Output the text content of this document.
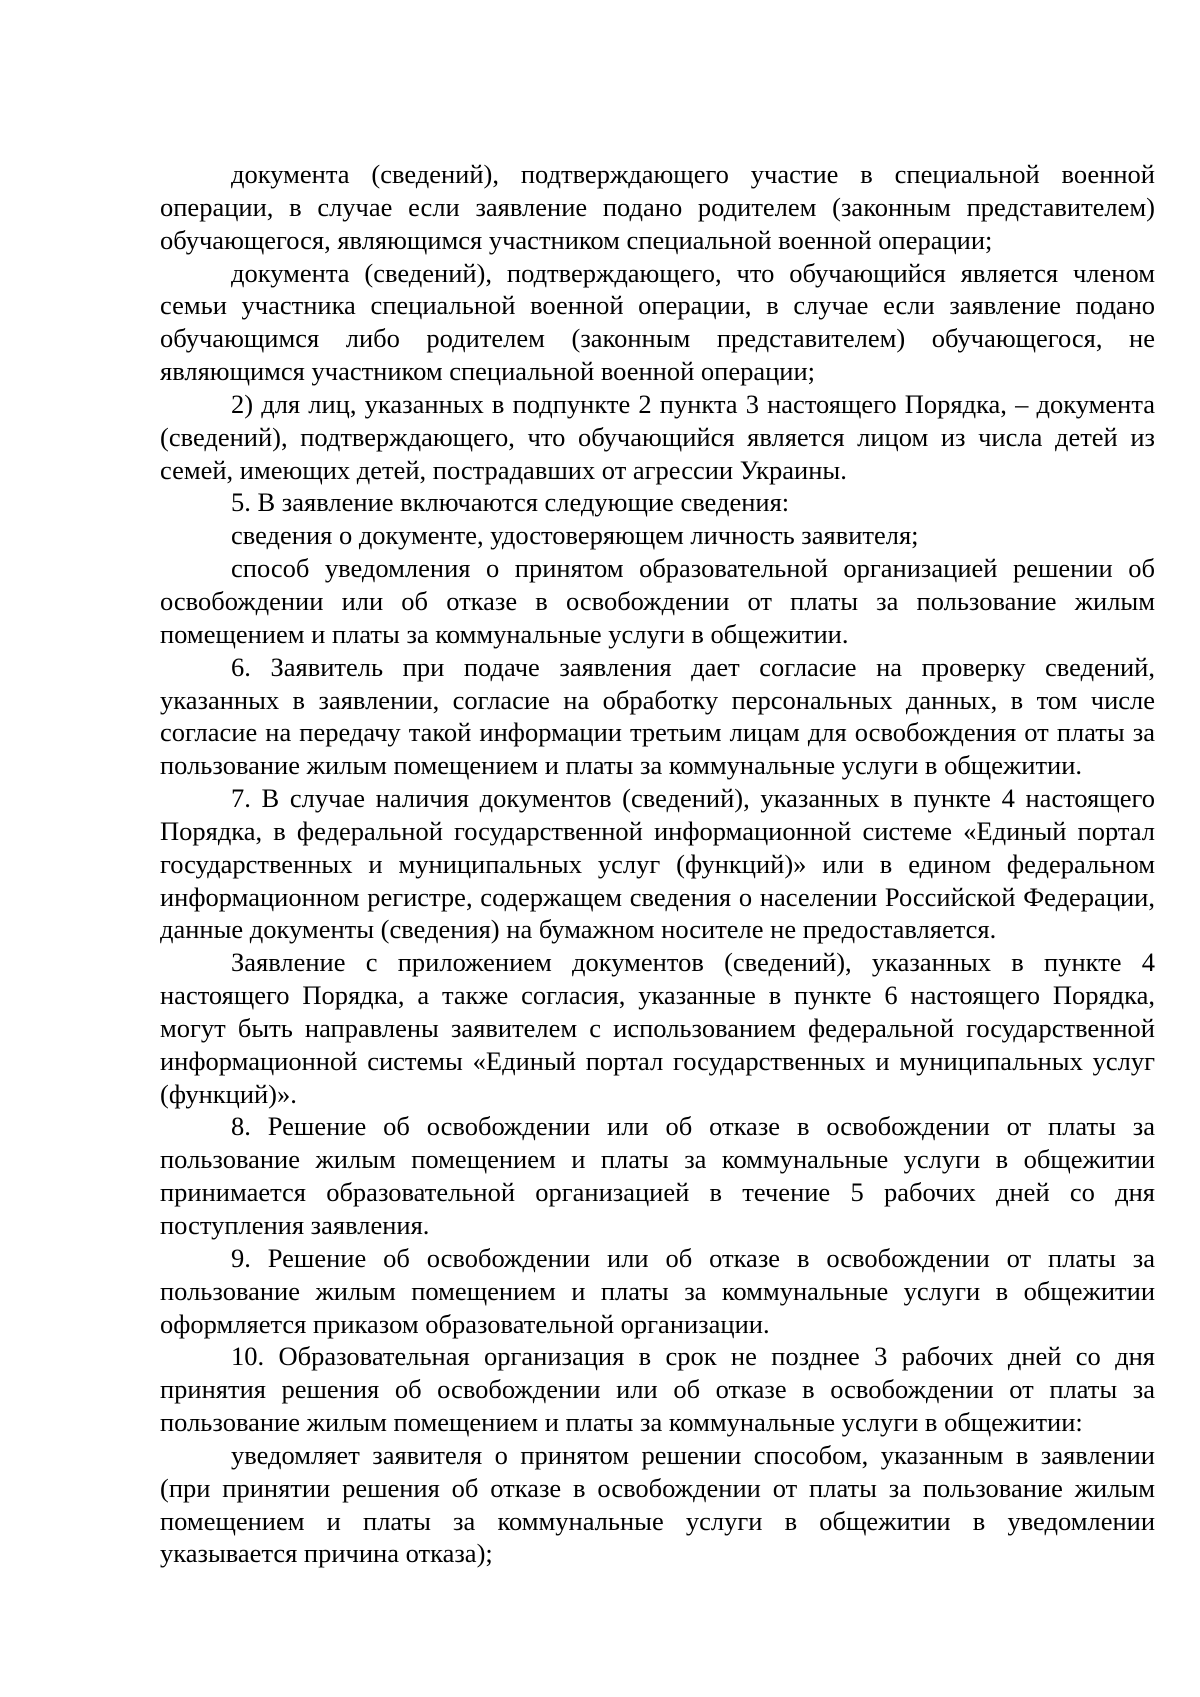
документа (сведений), подтверждающего участие в специальной военной операции, в случае если заявление подано родителем (законным представителем) обучающегося, являющимся участником специальной военной операции;

документа (сведений), подтверждающего, что обучающийся является членом семьи участника специальной военной операции, в случае если заявление подано обучающимся либо родителем (законным представителем) обучающегося, не являющимся участником специальной военной операции;

2) для лиц, указанных в подпункте 2 пункта 3 настоящего Порядка, – документа (сведений), подтверждающего, что обучающийся является лицом из числа детей из семей, имеющих детей, пострадавших от агрессии Украины.

5. В заявление включаются следующие сведения:

сведения о документе, удостоверяющем личность заявителя;

способ уведомления о принятом образовательной организацией решении об освобождении или об отказе в освобождении от платы за пользование жилым помещением и платы за коммунальные услуги в общежитии.

6. Заявитель при подаче заявления дает согласие на проверку сведений, указанных в заявлении, согласие на обработку персональных данных, в том числе согласие на передачу такой информации третьим лицам для освобождения от платы за пользование жилым помещением и платы за коммунальные услуги в общежитии.

7. В случае наличия документов (сведений), указанных в пункте 4 настоящего Порядка, в федеральной государственной информационной системе «Единый портал государственных и муниципальных услуг (функций)» или в едином федеральном информационном регистре, содержащем сведения о населении Российской Федерации, данные документы (сведения) на бумажном носителе не предоставляется.

Заявление с приложением документов (сведений), указанных в пункте 4 настоящего Порядка, а также согласия, указанные в пункте 6 настоящего Порядка, могут быть направлены заявителем с использованием федеральной государственной информационной системы «Единый портал государственных и муниципальных услуг (функций)».

8. Решение об освобождении или об отказе в освобождении от платы за пользование жилым помещением и платы за коммунальные услуги в общежитии принимается образовательной организацией в течение 5 рабочих дней со дня поступления заявления.

9. Решение об освобождении или об отказе в освобождении от платы за пользование жилым помещением и платы за коммунальные услуги в общежитии оформляется приказом образовательной организации.

10. Образовательная организация в срок не позднее 3 рабочих дней со дня принятия решения об освобождении или об отказе в освобождении от платы за пользование жилым помещением и платы за коммунальные услуги в общежитии:

уведомляет заявителя о принятом решении способом, указанным в заявлении (при принятии решения об отказе в освобождении от платы за пользование жилым помещением и платы за коммунальные услуги в общежитии в уведомлении указывается причина отказа);
